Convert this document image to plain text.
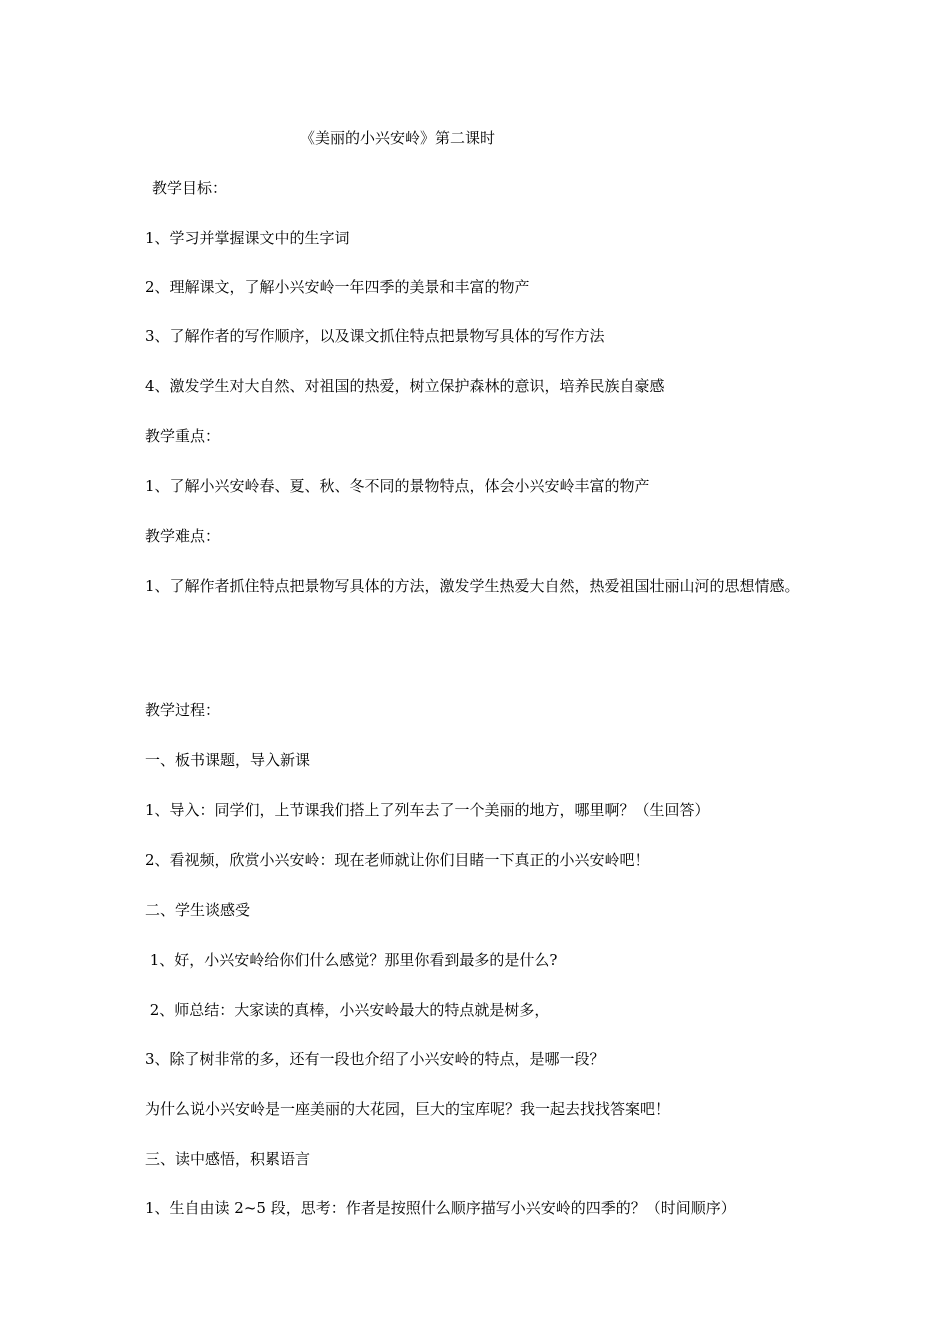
《美丽的小兴安岭》第二课时
教学目标：
1、学习并掌握课文中的生字词
2、理解课文，了解小兴安岭一年四季的美景和丰富的物产
3、了解作者的写作顺序，以及课文抓住特点把景物写具体的写作方法
4、激发学生对大自然、对祖国的热爱，树立保护森林的意识，培养民族自豪感
教学重点：
1、了解小兴安岭春、夏、秋、冬不同的景物特点，体会小兴安岭丰富的物产
教学难点：
1、了解作者抓住特点把景物写具体的方法，激发学生热爱大自然，热爱祖国壮丽山河的思想情感。
教学过程：
一、板书课题，导入新课
1、导入：同学们，上节课我们搭上了列车去了一个美丽的地方，哪里啊？（生回答）
2、看视频，欣赏小兴安岭：现在老师就让你们目睹一下真正的小兴安岭吧！
二、学生谈感受
1、好，小兴安岭给你们什么感觉？那里你看到最多的是什么?
2、师总结：大家读的真棒，小兴安岭最大的特点就是树多，
3、除了树非常的多，还有一段也介绍了小兴安岭的特点，是哪一段？
为什么说小兴安岭是一座美丽的大花园，巨大的宝库呢？我一起去找找答案吧！
三、读中感悟，积累语言
1、生自由读 2~5 段，思考：作者是按照什么顺序描写小兴安岭的四季的？（时间顺序）
